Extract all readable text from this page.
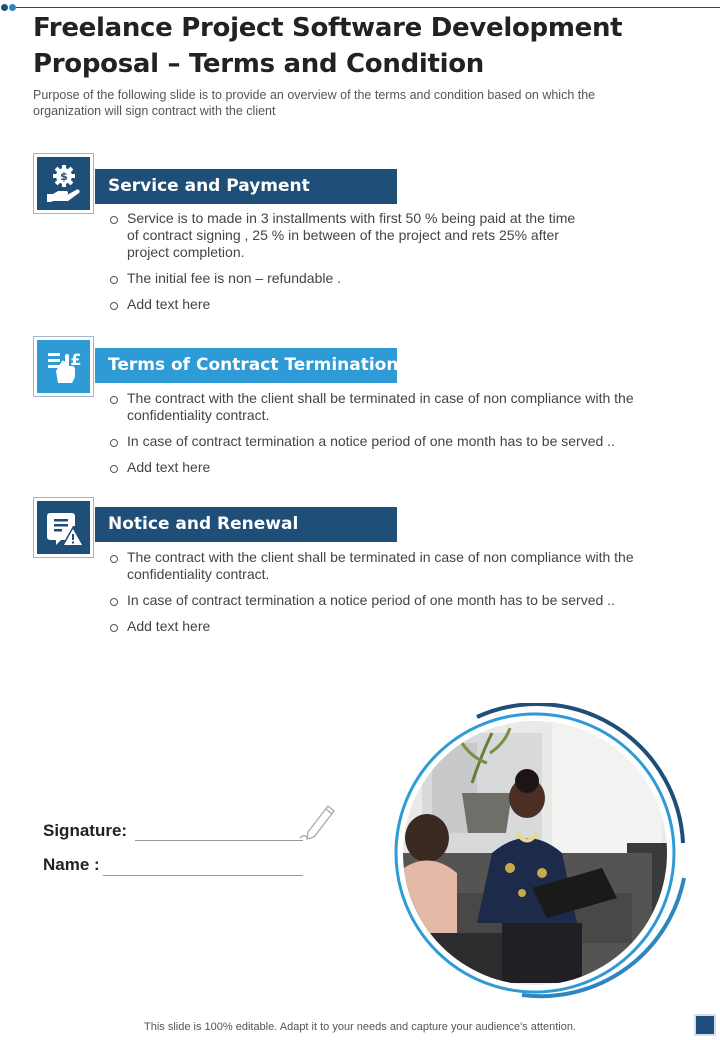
Freelance Project Software Development Proposal – Terms and Condition

Purpose of the following slide is to provide an overview of the terms and condition based on which the organization will sign contract with the client

$	Service and Payment
Service is to made in 3 installments with first 50 % being paid at the time of contract signing , 25 % in between of the project and rets 25% after project completion.
The initial fee is non – refundable .
Add text here
£	Terms of Contract Termination
The contract with the client shall be terminated in case of non compliance with the confidentiality contract.
In case of contract termination a notice period of one month has to be served ..
Add text here
Notice and Renewal
The contract with the client shall be terminated in case of non compliance with the confidentiality contract.
In case of contract termination a notice period of one month has to be served ..
Add text here
Signature:
Name :
This slide is 100% editable. Adapt it to your needs and capture your audience's attention.
